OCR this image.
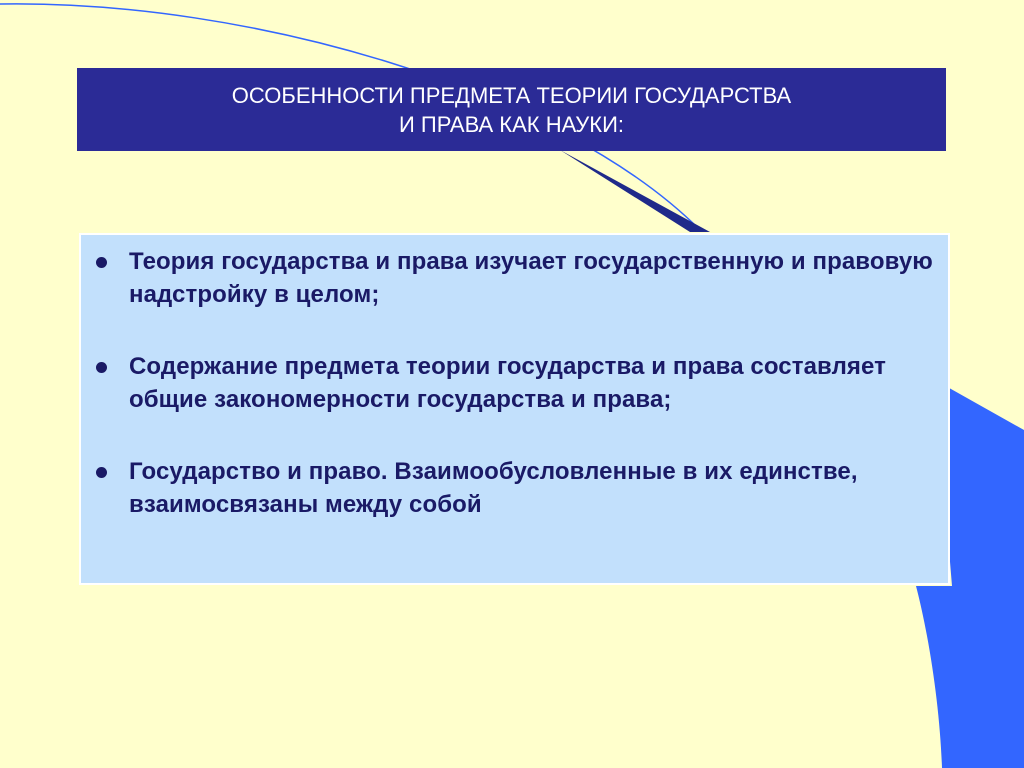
ОСОБЕННОСТИ ПРЕДМЕТА ТЕОРИИ ГОСУДАРСТВА
И ПРАВА КАК НАУКИ:
Теория государства и права изучает государственную и правовую надстройку в целом;
Содержание предмета теории государства и права составляет общие закономерности государства и права;
Государство и право. Взаимообусловленные в их единстве, взаимосвязаны между собой
